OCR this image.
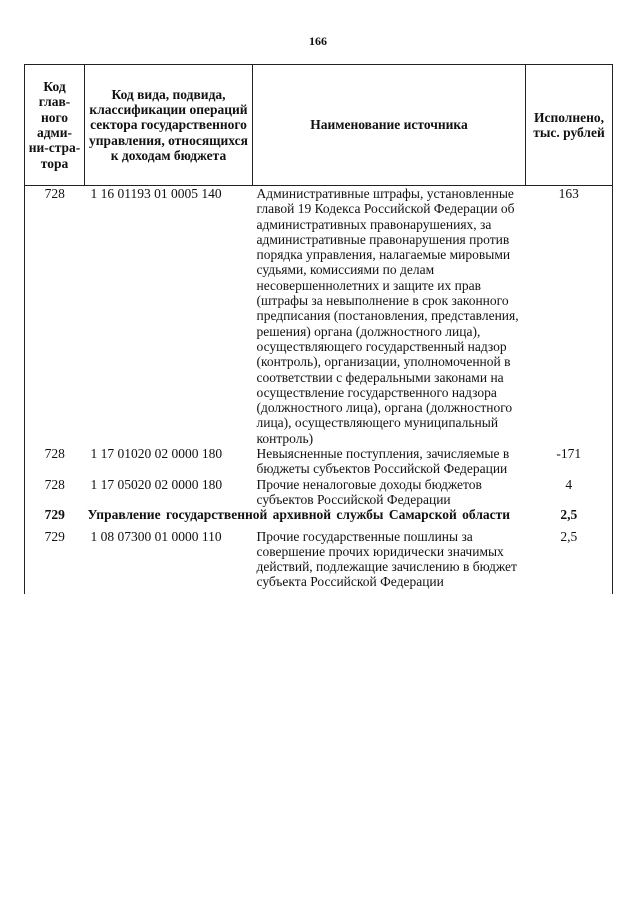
166
Код глав-ного адми-ни-стра-тора	Код вида, подвида, классификации операций сектора государственного управления, относящихся к доходам бюджета	Наименование источника	Исполнено, тыс. рублей
728	1 16 01193 01 0005 140	Административные штрафы, установленные главой 19 Кодекса Российской Федерации об административных правонарушениях, за административные правонарушения против порядка управления, налагаемые мировыми судьями, комиссиями по делам несовершеннолетних и защите их прав (штрафы за невыполнение в срок законного предписания (постановления, представления, решения) органа (должностного лица), осуществляющего государственный надзор (контроль), организации, уполномоченной в соответствии с федеральными законами на осуществление государственного надзора (должностного лица), органа (должностного лица), осуществляющего муниципальный контроль)	163
728	1 17 01020 02 0000 180	Невыясненные поступления, зачисляемые в бюджеты субъектов Российской Федерации	-171
728	1 17 05020 02 0000 180	Прочие неналоговые доходы бюджетов субъектов Российской Федерации	4
729	Управление государственной архивной службы Самарской области		2,5

729	1 08 07300 01 0000 110	Прочие государственные пошлины за совершение прочих юридически значимых действий, подлежащие зачислению в бюджет субъекта Российской Федерации	2,5
